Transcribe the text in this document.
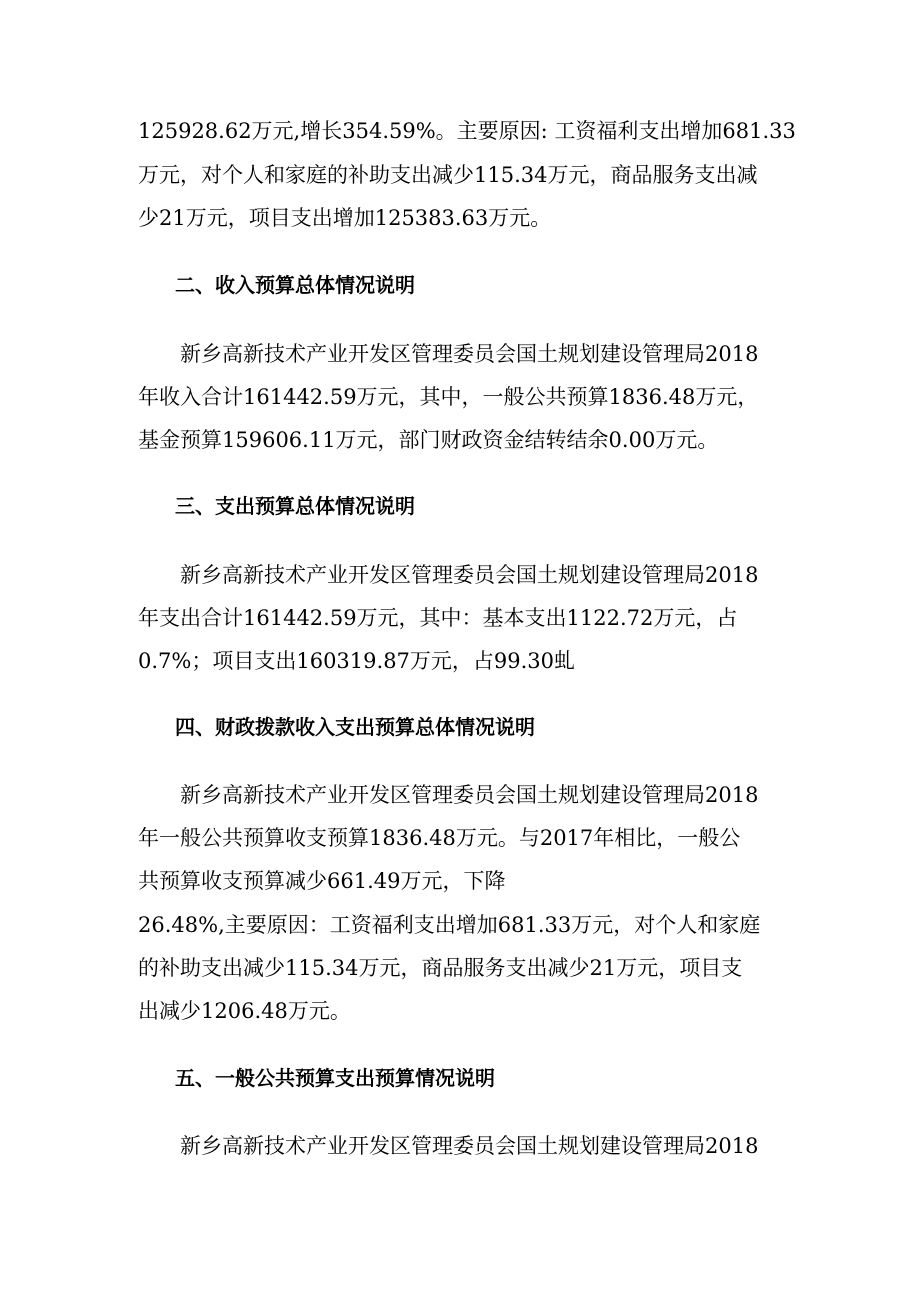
125928.62万元,增长354.59%。主要原因: 工资福利支出增加681.33
万元，对个人和家庭的补助支出减少115.34万元，商品服务支出减
少21万元，项目支出增加125383.63万元。
二、收入预算总体情况说明
新乡高新技术产业开发区管理委员会国土规划建设管理局2018
年收入合计161442.59万元，其中，一般公共预算1836.48万元，
基金预算159606.11万元，部门财政资金结转结余0.00万元。
三、支出预算总体情况说明
新乡高新技术产业开发区管理委员会国土规划建设管理局2018
年支出合计161442.59万元，其中：基本支出1122.72万元，占
0.7%；项目支出160319.87万元，占99.30虬
四、财政拨款收入支出预算总体情况说明
新乡高新技术产业开发区管理委员会国土规划建设管理局2018
年一般公共预算收支预算1836.48万元。与2017年相比，一般公
共预算收支预算减少661.49万元，下降
26.48%,主要原因：工资福利支出增加681.33万元，对个人和家庭
的补助支出减少115.34万元，商品服务支出减少21万元，项目支
出减少1206.48万元。
五、一般公共预算支出预算情况说明
新乡高新技术产业开发区管理委员会国土规划建设管理局2018
